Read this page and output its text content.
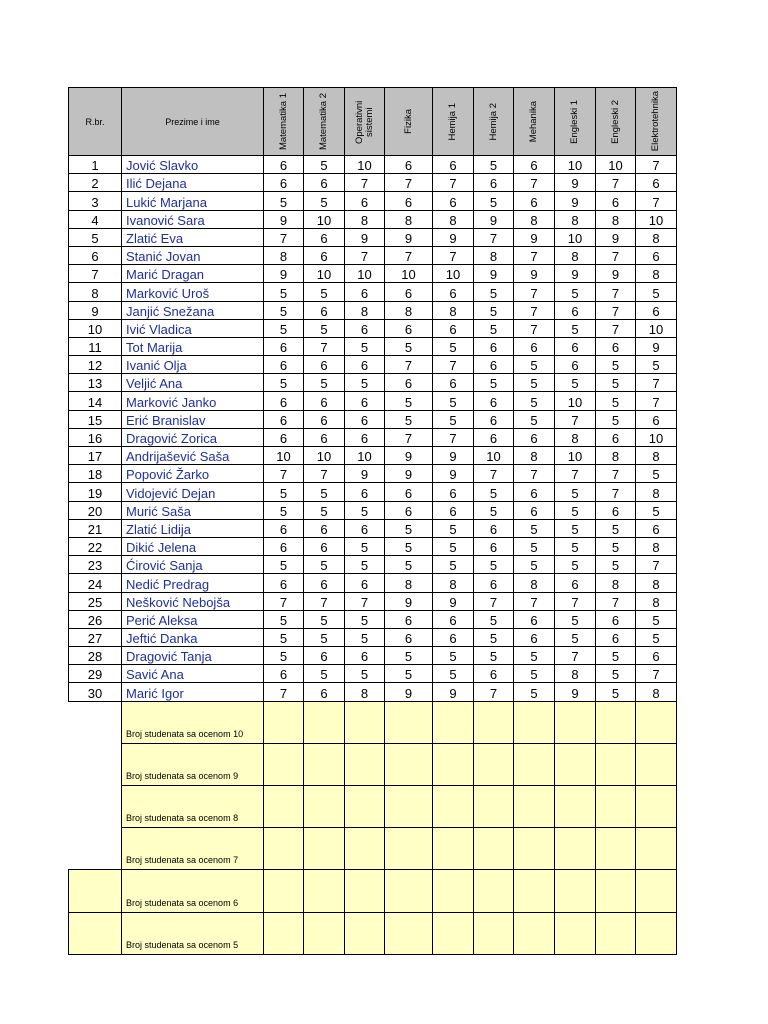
R.br.	Prezime i ime	Matematika 1	Matematika 2	Operativni sistemi	Fizika	Hemija 1	Hemija 2	Mehanika	Engleski 1	Engleski 2	Elektrotehnika

1	Jović Slavko	6	5	10	6	6	5	6	10	10	7
2	Ilić Dejana	6	6	7	7	7	6	7	9	7	6
3	Lukić Marjana	5	5	6	6	6	5	6	9	6	7
4	Ivanović Sara	9	10	8	8	8	9	8	8	8	10
5	Zlatić Eva	7	6	9	9	9	7	9	10	9	8
6	Stanić Jovan	8	6	7	7	7	8	7	8	7	6
7	Marić Dragan	9	10	10	10	10	9	9	9	9	8
8	Marković Uroš	5	5	6	6	6	5	7	5	7	5
9	Janjić Snežana	5	6	8	8	8	5	7	6	7	6
10	Ivić Vladica	5	5	6	6	6	5	7	5	7	10
11	Tot Marija	6	7	5	5	5	6	6	6	6	9
12	Ivanić Olja	6	6	6	7	7	6	5	6	5	5
13	Veljić Ana	5	5	5	6	6	5	5	5	5	7
14	Marković Janko	6	6	6	5	5	6	5	10	5	7
15	Erić Branislav	6	6	6	5	5	6	5	7	5	6
16	Dragović Zorica	6	6	6	7	7	6	6	8	6	10
17	Andrijašević Saša	10	10	10	9	9	10	8	10	8	8
18	Popović Žarko	7	7	9	9	9	7	7	7	7	5
19	Vidojević Dejan	5	5	6	6	6	5	6	5	7	8
20	Murić Saša	5	5	5	6	6	5	6	5	6	5
21	Zlatić Lidija	6	6	6	5	5	6	5	5	5	6
22	Dikić Jelena	6	6	5	5	5	6	5	5	5	8
23	Ćirović Sanja	5	5	5	5	5	5	5	5	5	7
24	Nedić Predrag	6	6	6	8	8	6	8	6	8	8
25	Nešković Nebojša	7	7	7	9	9	7	7	7	7	8
26	Perić Aleksa	5	5	5	6	6	5	6	5	6	5
27	Jeftić Danka	5	5	5	6	6	5	6	5	6	5
28	Dragović Tanja	5	6	6	5	5	5	5	7	5	6
29	Savić Ana	6	5	5	5	5	6	5	8	5	7
30	Marić Igor	7	6	8	9	9	7	5	9	5	8
	Broj studenata sa ocenom 10										
	Broj studenata sa ocenom 9										
	Broj studenata sa ocenom 8										
	Broj studenata sa ocenom 7										
	Broj studenata sa ocenom 6										
	Broj studenata sa ocenom 5										
